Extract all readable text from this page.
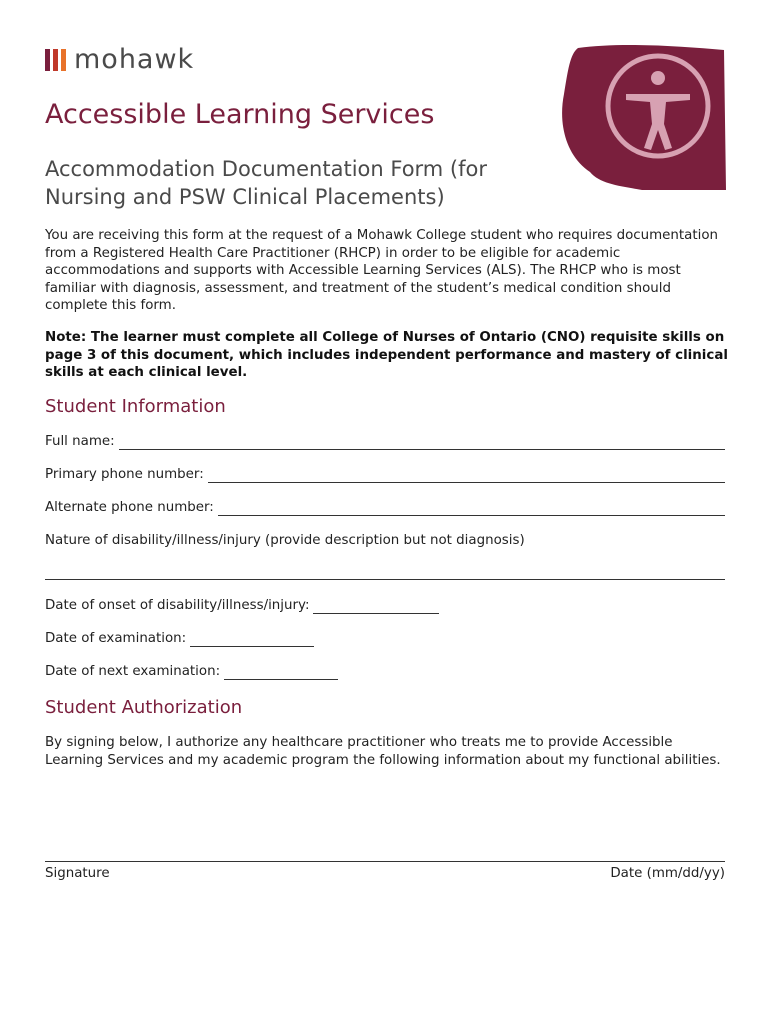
mohawk
Accessible Learning Services
Accommodation Documentation Form (for Nursing and PSW Clinical Placements)

You are receiving this form at the request of a Mohawk College student who requires documentation from a Registered Health Care Practitioner (RHCP) in order to be eligible for academic accommodations and supports with Accessible Learning Services (ALS). The RHCP who is most familiar with diagnosis, assessment, and treatment of the student’s medical condition should complete this form.

Note: The learner must complete all College of Nurses of Ontario (CNO) requisite skills on page 3 of this document, which includes independent performance and mastery of clinical skills at each clinical level.

Student Information
Full name:
Primary phone number:
Alternate phone number:

Nature of disability/illness/injury (provide description but not diagnosis)

Date of onset of disability/illness/injury:
Date of examination:
Date of next examination:
Student Authorization

By signing below, I authorize any healthcare practitioner who treats me to provide Accessible Learning Services and my academic program the following information about my functional abilities.

Signature	Date (mm/dd/yy)
